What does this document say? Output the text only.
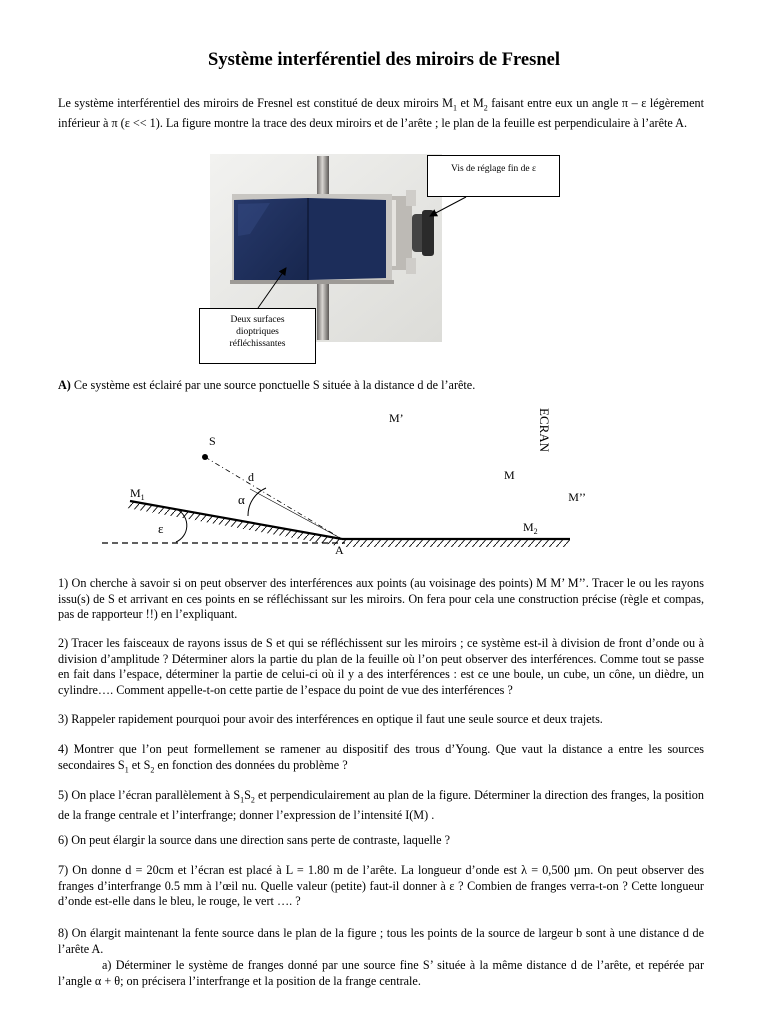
Système interférentiel des miroirs de Fresnel

Le système interférentiel des miroirs de Fresnel est constitué de deux miroirs $M_1$ et $M_2$ faisant entre eux un angle π – ε légèrement inférieur à π (ε << 1). La figure montre la trace des deux miroirs et de l’arête ; le plan de la feuille est perpendiculaire à l’arête A.

Vis de réglage fin de ε
Deux surfaces
dioptriques
réfléchissantes

A) Ce système est éclairé par une source ponctuelle S située à la distance d de l’arête.

S
d
α
$M_1$
ε
A
$M_2$
M
M’
M’’
ECRAN

1) On cherche à savoir si on peut observer des interférences aux points (au voisinage des points) M M’ M’’. Tracer le ou les rayons issu(s) de S et arrivant en ces points en se réfléchissant sur les miroirs. On fera pour cela une construction précise (règle et compas, pas de rapporteur !!) en l’expliquant.

2) Tracer les faisceaux de rayons issus de S et qui se réfléchissent sur les miroirs ; ce système est-il à division de front d’onde ou à division d’amplitude ? Déterminer alors la partie du plan de la feuille où l’on peut observer des interférences. Comme tout se passe en fait dans l’espace, déterminer la partie de celui-ci où il y a des interférences : est ce une boule, un cube, un cône, un dièdre, un cylindre…. Comment appelle-t-on cette partie de l’espace du point de vue des interférences ?

3) Rappeler rapidement pourquoi pour avoir des interférences en optique il faut une seule source et deux trajets.

4) Montrer que l’on peut formellement se ramener au dispositif des trous d’Young. Que vaut la distance a entre les sources secondaires $S_1$ et $S_2$ en fonction des données du problème ?

5) On place l’écran parallèlement à $S_1S_2$ et perpendiculairement au plan de la figure. Déterminer la direction des franges, la position de la frange centrale et l’interfrange; donner l’expression de l’intensité I(M) .

6) On peut élargir la source dans une direction sans perte de contraste, laquelle ?

7) On donne d = 20cm et l’écran est placé à L = 1.80 m de l’arête. La longueur d’onde est λ = 0,500 µm. On peut observer des franges d’interfrange 0.5 mm à l’œil nu. Quelle valeur (petite) faut-il donner à ε ? Combien de franges verra-t-on ? Cette longueur d’onde est-elle dans le bleu, le rouge, le vert …. ?

8) On élargit maintenant la fente source dans le plan de la figure ; tous les points de la source de largeur b sont à une distance d de l’arête A.

a) Déterminer le système de franges donné par une source fine S’ située à la même distance d de l’arête, et repérée par l’angle α + θ; on précisera l’interfrange et la position de la frange centrale.
